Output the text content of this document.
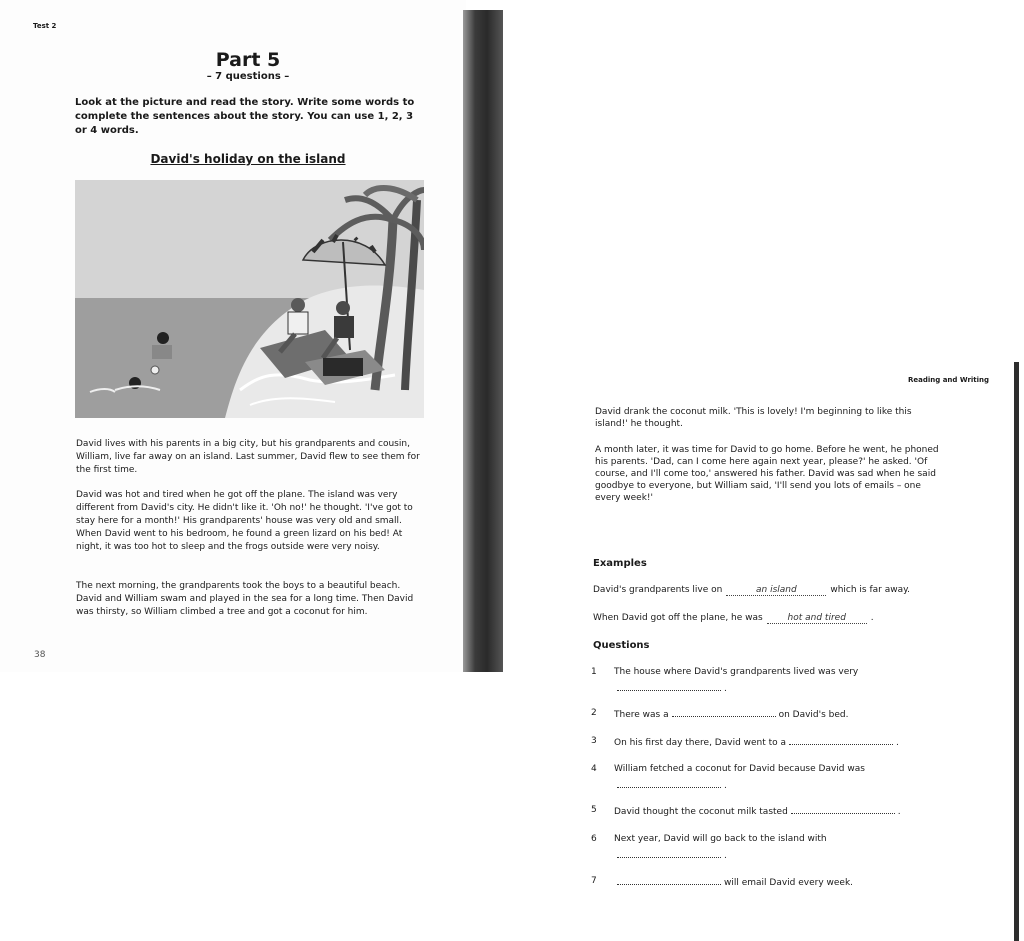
Test 2
Part 5
– 7 questions –
Look at the picture and read the story. Write some words to complete the sentences about the story. You can use 1, 2, 3 or 4 words.
David's holiday on the island

David lives with his parents in a big city, but his grandparents and cousin, William, live far away on an island. Last summer, David flew to see them for the first time.

David was hot and tired when he got off the plane. The island was very different from David's city. He didn't like it. 'Oh no!' he thought. 'I've got to stay here for a month!' His grandparents' house was very old and small. When David went to his bedroom, he found a green lizard on his bed! At night, it was too hot to sleep and the frogs outside were very noisy.

The next morning, the grandparents took the boys to a beautiful beach. David and William swam and played in the sea for a long time. Then David was thirsty, so William climbed a tree and got a coconut for him.

38
Reading and Writing

David drank the coconut milk. 'This is lovely! I'm beginning to like this island!' he thought.

A month later, it was time for David to go home. Before he went, he phoned his parents. 'Dad, can I come here again next year, please?' he asked. 'Of course, and I'll come too,' answered his father. David was sad when he said goodbye to everyone, but William said, 'I'll send you lots of emails – one every week!'

Examples
David's grandparents live on	an island	which is far away.
When David got off the plane, he was	hot and tired	.
Questions
1 The house where David's grandparents lived was very
.
2 There was a	on David's bed.
3 On his first day there, David went to a	.
4 William fetched a coconut for David because David was
.
5 David thought the coconut milk tasted	.
6 Next year, David will go back to the island with
.
7	will email David every week.
